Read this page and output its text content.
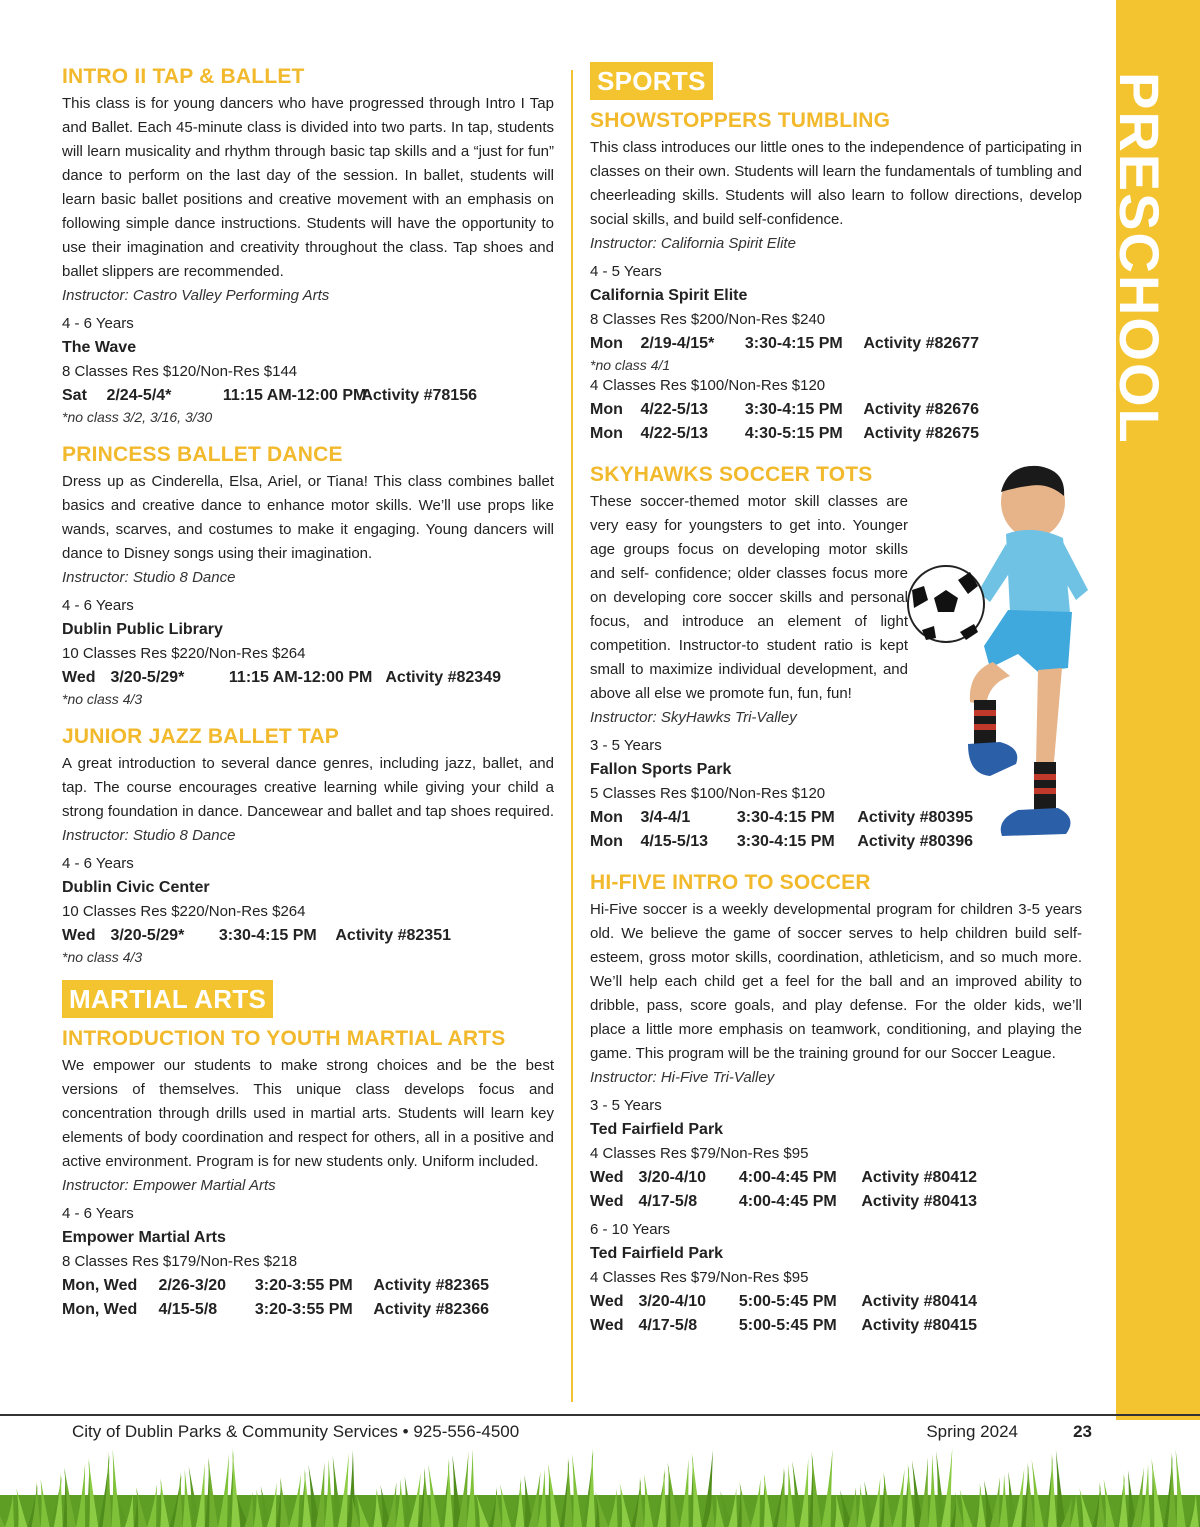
PRESCHOOL
INTRO II TAP & BALLET

This class is for young dancers who have progressed through Intro I Tap and Ballet. Each 45-minute class is divided into two parts. In tap, students will learn musicality and rhythm through basic tap skills and a “just for fun” dance to perform on the last day of the session. In ballet, students will learn basic ballet positions and creative movement with an emphasis on following simple dance instructions. Students will have the opportunity to use their imagination and creativity throughout the class. Tap shoes and ballet slippers are recommended.

Instructor: Castro Valley Performing Arts

4 - 6 Years

The Wave

8 Classes Res $120/Non-Res $144

Sat 2/24-5/4*	11:15 AM-12:00 PM Activity #78156

*no class 3/2, 3/16, 3/30

PRINCESS BALLET DANCE

Dress up as Cinderella, Elsa, Ariel, or Tiana! This class combines ballet basics and creative dance to enhance motor skills. We’ll use props like wands, scarves, and costumes to make it engaging. Young dancers will dance to Disney songs using their imagination.

Instructor: Studio 8 Dance

4 - 6 Years

Dublin Public Library

10 Classes Res $220/Non-Res $264

Wed 3/20-5/29*	11:15 AM-12:00 PM Activity #82349

*no class 4/3

JUNIOR JAZZ BALLET TAP

A great introduction to several dance genres, including jazz, ballet, and tap. The course encourages creative learning while giving your child a strong foundation in dance. Dancewear and ballet and tap shoes required.

Instructor: Studio 8 Dance

4 - 6 Years

Dublin Civic Center

10 Classes Res $220/Non-Res $264

Wed 3/20-5/29* 3:30-4:15 PM Activity #82351

*no class 4/3

MARTIAL ARTS
INTRODUCTION TO YOUTH MARTIAL ARTS

We empower our students to make strong choices and be the best versions of themselves. This unique class develops focus and concentration through drills used in martial arts. Students will learn key elements of body coordination and respect for others, all in a positive and active environment. Program is for new students only. Uniform included.

Instructor: Empower Martial Arts

4 - 6 Years

Empower Martial Arts

8 Classes Res $179/Non-Res $218

Mon, Wed 2/26-3/20 3:20-3:55 PM Activity #82365

Mon, Wed 4/15-5/8 3:20-3:55 PM Activity #82366

SPORTS
SHOWSTOPPERS TUMBLING

This class introduces our little ones to the independence of participating in classes on their own. Students will learn the fundamentals of tumbling and cheerleading skills. Students will also learn to follow directions, develop social skills, and build self-confidence.

Instructor: California Spirit Elite

4 - 5 Years

California Spirit Elite

8 Classes Res $200/Non-Res $240

Mon 2/19-4/15* 3:30-4:15 PM Activity #82677

*no class 4/1

4 Classes Res $100/Non-Res $120

Mon 4/22-5/13 3:30-4:15 PM Activity #82676

Mon 4/22-5/13 4:30-5:15 PM Activity #82675

SKYHAWKS SOCCER TOTS

These soccer-themed motor skill classes are very easy for youngsters to get into. Younger age groups focus on developing motor skills and self- confidence; older classes focus more on developing core soccer skills and personal focus, and introduce an element of light competition. Instructor-to student ratio is kept small to maximize individual development, and above all else we promote fun, fun, fun!

Instructor: SkyHawks Tri-Valley

3 - 5 Years

Fallon Sports Park

5 Classes Res $100/Non-Res $120

Mon 3/4-4/1	3:30-4:15 PM Activity #80395

Mon 4/15-5/13 3:30-4:15 PM Activity #80396

HI-FIVE INTRO TO SOCCER

Hi-Five soccer is a weekly developmental program for children 3-5 years old. We believe the game of soccer serves to help children build self-esteem, gross motor skills, coordination, athleticism, and so much more. We’ll help each child get a feel for the ball and an improved ability to dribble, pass, score goals, and play defense. For the older kids, we’ll place a little more emphasis on teamwork, conditioning, and playing the game. This program will be the training ground for our Soccer League.

Instructor: Hi-Five Tri-Valley

3 - 5 Years

Ted Fairfield Park

4 Classes Res $79/Non-Res $95

Wed 3/20-4/10 4:00-4:45 PM Activity #80412

Wed 4/17-5/8	4:00-4:45 PM Activity #80413

6 - 10 Years

Ted Fairfield Park

4 Classes Res $79/Non-Res $95

Wed 3/20-4/10 5:00-5:45 PM Activity #80414

Wed 4/17-5/8	5:00-5:45 PM Activity #80415

City of Dublin Parks & Community Services • 925-556-4500	Spring 2024	23
